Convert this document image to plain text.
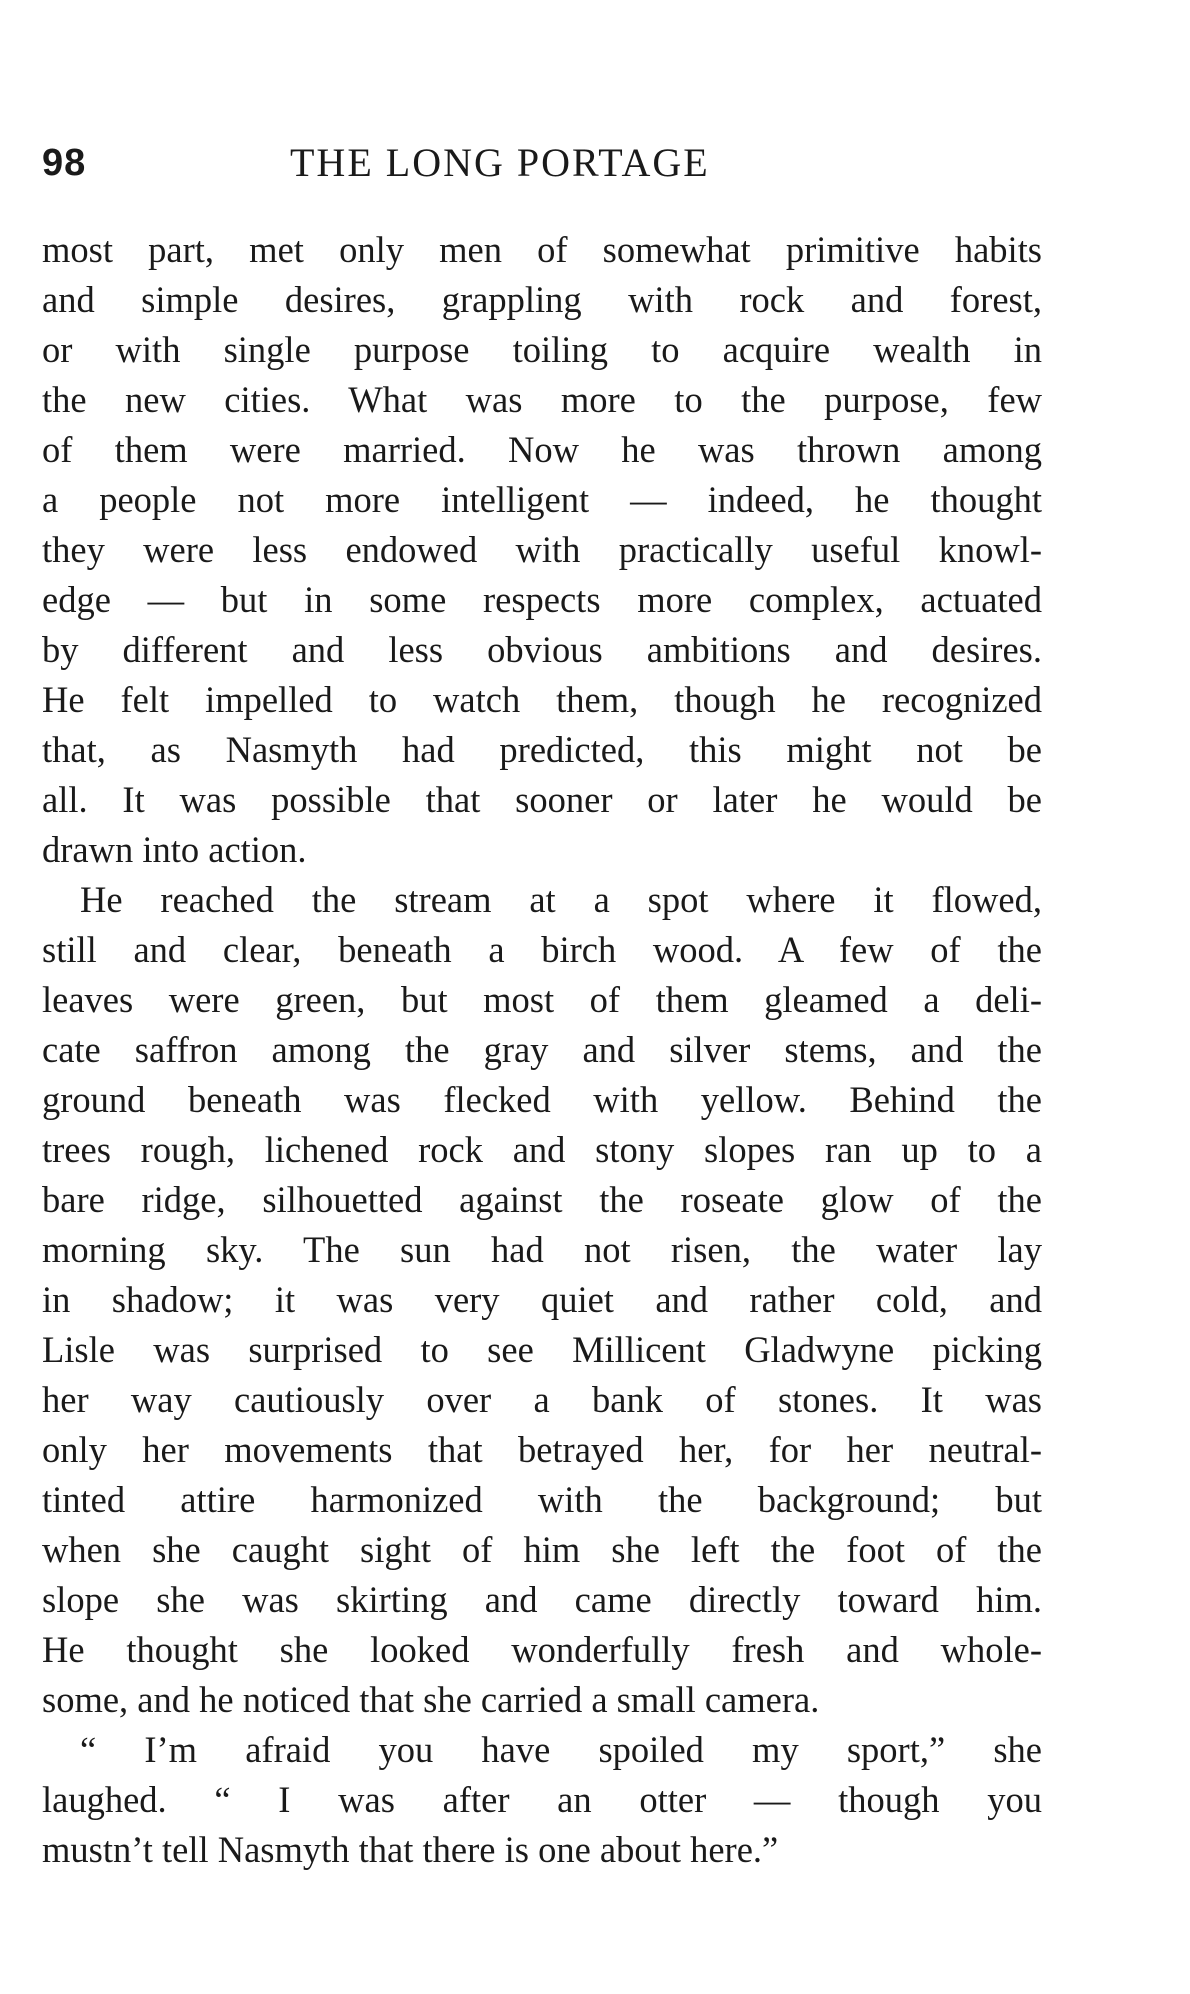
98	THE LONG PORTAGE
most part, met only men of somewhat primitive habits
and simple desires, grappling with rock and forest,
or with single purpose toiling to acquire wealth in
the new cities. What was more to the purpose, few
of them were married. Now he was thrown among
a people not more intelligent — indeed, he thought
they were less endowed with practically useful knowl-
edge — but in some respects more complex, actuated
by different and less obvious ambitions and desires.
He felt impelled to watch them, though he recognized
that, as Nasmyth had predicted, this might not be
all. It was possible that sooner or later he would be
drawn into action.
He reached the stream at a spot where it flowed,
still and clear, beneath a birch wood. A few of the
leaves were green, but most of them gleamed a deli-
cate saffron among the gray and silver stems, and the
ground beneath was flecked with yellow. Behind the
trees rough, lichened rock and stony slopes ran up to a
bare ridge, silhouetted against the roseate glow of the
morning sky. The sun had not risen, the water lay
in shadow; it was very quiet and rather cold, and
Lisle was surprised to see Millicent Gladwyne picking
her way cautiously over a bank of stones. It was
only her movements that betrayed her, for her neutral-
tinted attire harmonized with the background; but
when she caught sight of him she left the foot of the
slope she was skirting and came directly toward him.
He thought she looked wonderfully fresh and whole-
some, and he noticed that she carried a small camera.
“ I’m afraid you have spoiled my sport,” she
laughed. “ I was after an otter — though you
mustn’t tell Nasmyth that there is one about here.”
